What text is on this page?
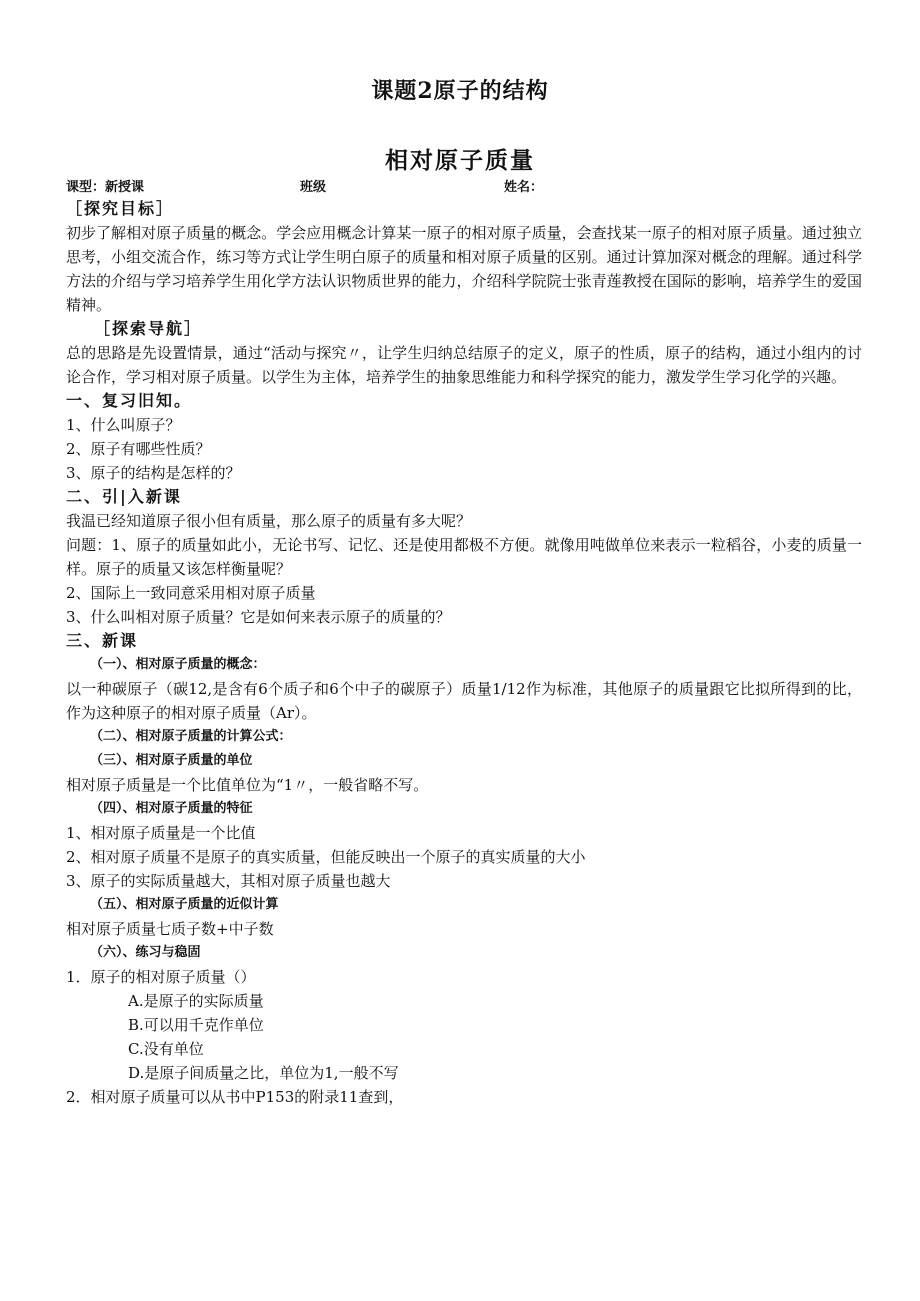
课题2原子的结构
相对原子质量
课型：新授课	班级	姓名：

［探究目标］

初步了解相对原子质量的概念。学会应用概念计算某一原子的相对原子质量，会查找某一原子的相对原子质量。通过独立思考，小组交流合作，练习等方式让学生明白原子的质量和相对原子质量的区别。通过计算加深对概念的理解。通过科学方法的介绍与学习培养学生用化学方法认识物质世界的能力，介绍科学院院士张青莲教授在国际的影响，培养学生的爱国精神。

［探索导航］

总的思路是先设置情景，通过“活动与探究〃，让学生归纳总结原子的定义，原子的性质，原子的结构，通过小组内的讨论合作，学习相对原子质量。以学生为主体，培养学生的抽象思维能力和科学探究的能力，激发学生学习化学的兴趣。

一、复习旧知。

1、什么叫原子？

2、原子有哪些性质？

3、原子的结构是怎样的？

二、引|入新课

我温已经知道原子很小但有质量，那么原子的质量有多大呢？

问题：1、原子的质量如此小，无论书写、记忆、还是使用都极不方便。就像用吨做单位来表示一粒稻谷，小麦的质量一样。原子的质量又该怎样衡量呢？

2、国际上一致同意采用相对原子质量

3、什么叫相对原子质量？它是如何来表示原子的质量的？

三、新课

（一）、相对原子质量的概念：

以一种碳原子（碳12,是含有6个质子和6个中子的碳原子）质量1/12作为标准，其他原子的质量跟它比拟所得到的比，作为这种原子的相对原子质量（Ar）。

（二）、相对原子质量的计算公式：

（三）、相对原子质量的单位

相对原子质量是一个比值单位为“1〃，一般省略不写。

（四）、相对原子质量的特征

1、相对原子质量是一个比值

2、相对原子质量不是原子的真实质量，但能反映出一个原子的真实质量的大小

3、原子的实际质量越大，其相对原子质量也越大

（五）、相对原子质量的近似计算

相对原子质量七质子数+中子数

（六）、练习与稳固

1．原子的相对原子质量（）

A.是原子的实际质量

B.可以用千克作单位

C.没有单位

D.是原子间质量之比，单位为1,一般不写

2．相对原子质量可以从书中P153的附录11查到，
